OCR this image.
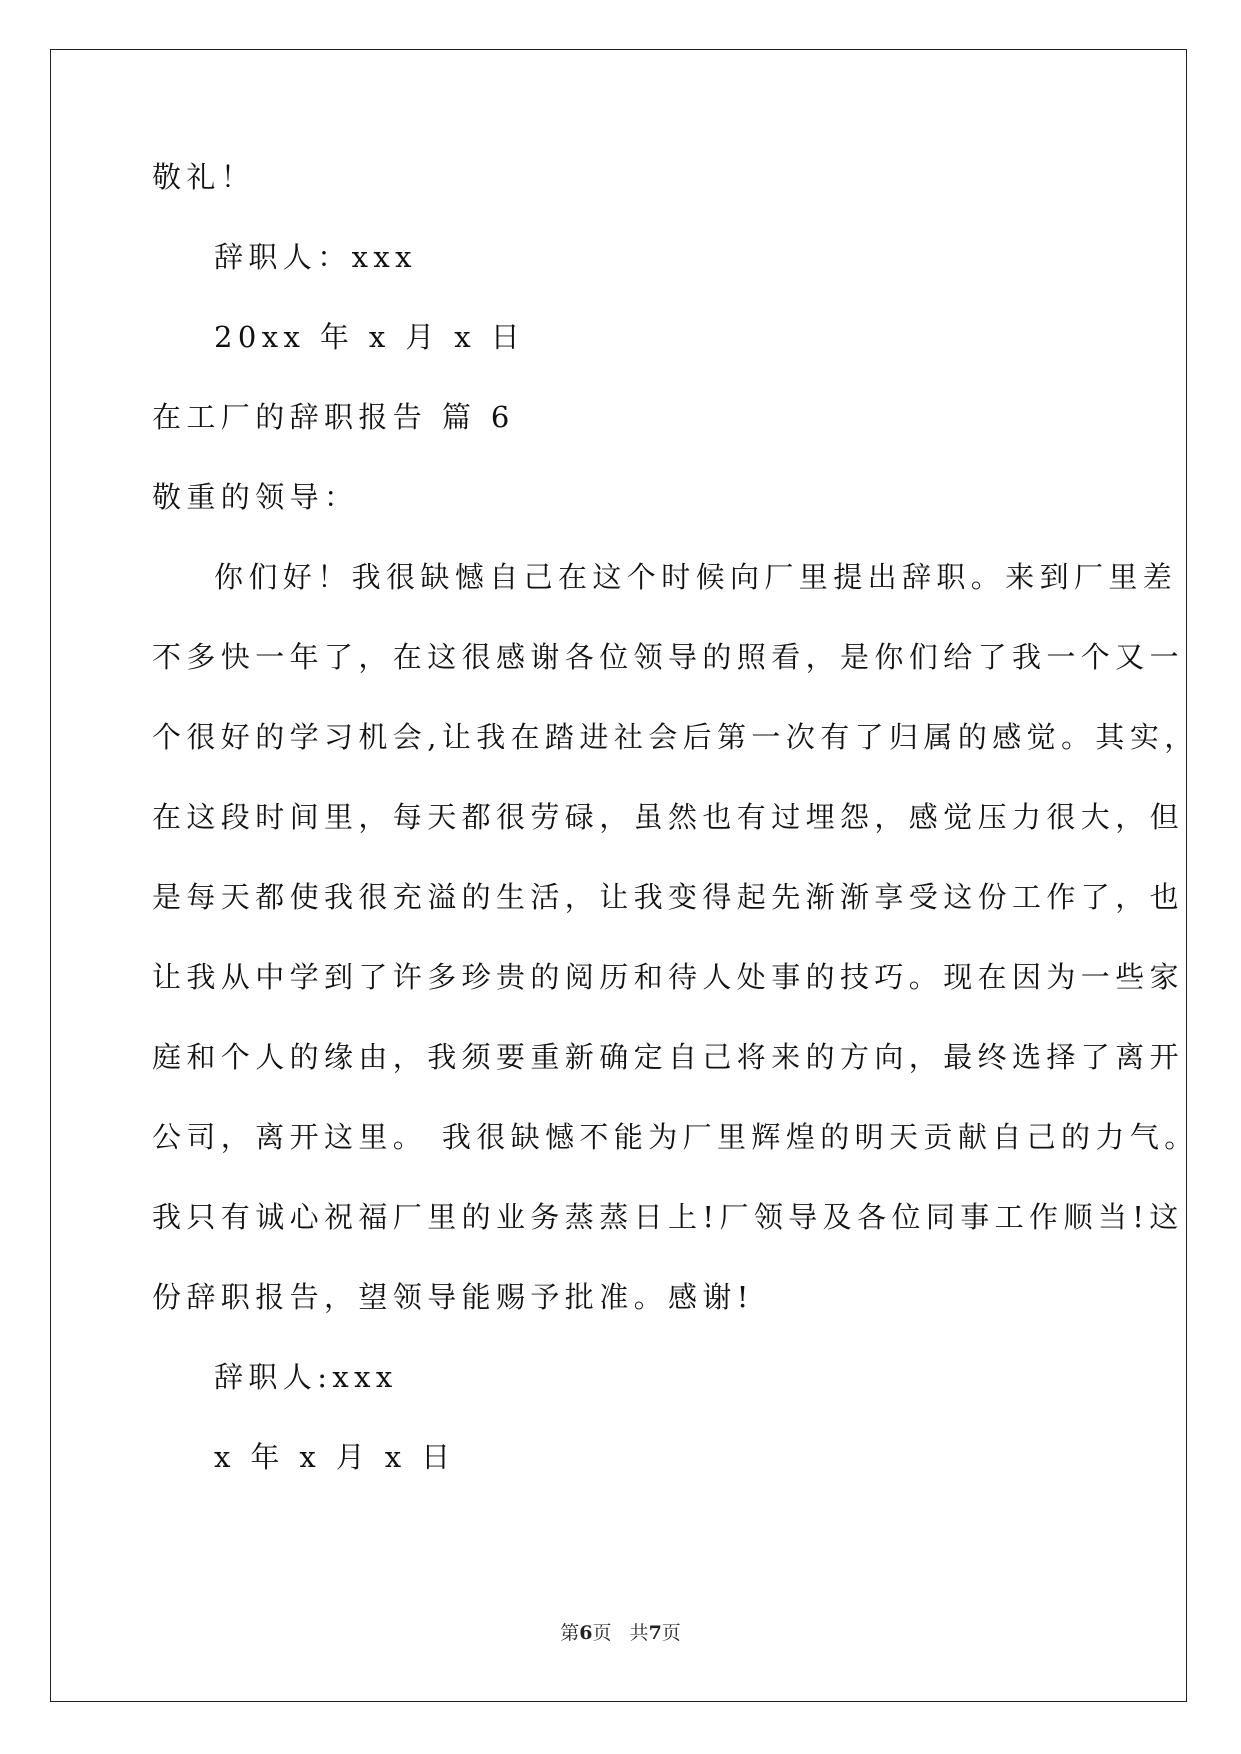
敬礼！
辞职人：xxx
20xx 年 x 月 x 日
在工厂的辞职报告 篇 6
敬重的领导：
你们好！我很缺憾自己在这个时候向厂里提出辞职。来到厂里差
不多快一年了，在这很感谢各位领导的照看，是你们给了我一个又一
个很好的学习机会,让我在踏进社会后第一次有了归属的感觉。其实，
在这段时间里，每天都很劳碌，虽然也有过埋怨，感觉压力很大，但
是每天都使我很充溢的生活，让我变得起先渐渐享受这份工作了，也
让我从中学到了许多珍贵的阅历和待人处事的技巧。现在因为一些家
庭和个人的缘由，我须要重新确定自己将来的方向，最终选择了离开
公司，离开这里。 我很缺憾不能为厂里辉煌的明天贡献自己的力气。
我只有诚心祝福厂里的业务蒸蒸日上!厂领导及各位同事工作顺当!这
份辞职报告，望领导能赐予批准。感谢!
辞职人:xxx
x 年 x 月 x 日
第6页   共7页
